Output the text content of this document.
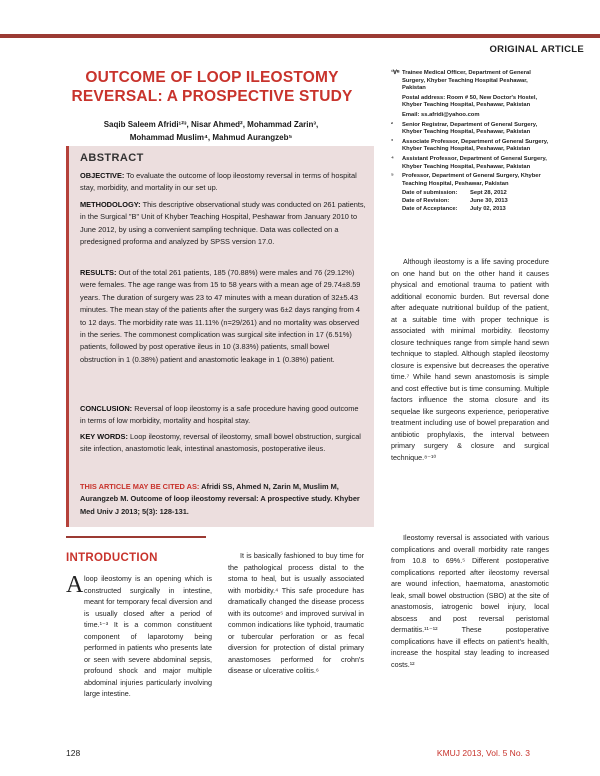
ORIGINAL ARTICLE
OUTCOME OF LOOP ILEOSTOMY
REVERSAL: A PROSPECTIVE STUDY
Saqib Saleem Afridi¹²³, Nisar Ahmed², Mohammad Zarin³,
Mohammad Muslim⁴, Mahmud Aurangzeb⁵
ABSTRACT
OBJECTIVE: To evaluate the outcome of loop ileostomy reversal in terms of hospital stay, morbidity, and mortality in our set up.
METHODOLOGY: This descriptive observational study was conducted on 261 patients, in the Surgical "B" Unit of Khyber Teaching Hospital, Peshawar from January 2010 to June 2012, by using a convenient sampling technique. Data was collected on a predesigned proforma and analyzed by SPSS version 17.0.
RESULTS: Out of the total 261 patients, 185 (70.88%) were males and 76 (29.12%) were females. The age range was from 15 to 58 years with a mean age of 29.74±8.59 years. The duration of surgery was 23 to 47 minutes with a mean duration of 32±5.43 minutes. The mean stay of the patients after the surgery was 6±2 days ranging from 4 to 12 days. The morbidity rate was 11.11% (n=29/261) and no mortality was observed in the series. The commonest complication was surgical site infection in 17 (6.51%) patients, followed by post operative ileus in 10 (3.83%) patients, small bowel obstruction in 1 (0.38%) patient and anastomotic leakage in 1 (0.38%) patient.
CONCLUSION: Reversal of loop ileostomy is a safe procedure having good outcome in terms of low morbidity, mortality and hospital stay.
KEY WORDS: Loop ileostomy, reversal of ileostomy, small bowel obstruction, surgical site infection, anastomotic leak, intestinal anastomosis, postoperative ileus.
THIS ARTICLE MAY BE CITED AS: Afridi SS, Ahmed N, Zarin M, Muslim M, Aurangzeb M. Outcome of loop ileostomy reversal: A prospective study. Khyber Med Univ J 2013; 5(3): 128-131.
¹Ɐᴮ Trainee Medical Officer, Department of General Surgery, Khyber Teaching Hospital Peshawar, Pakistan
Postal address: Room # 50, New Doctor's Hostel, Khyber Teaching Hospital, Peshawar, Pakistan
Email: ss.afridi@yahoo.com
²	Senior Registrar, Department of General Surgery, Khyber Teaching Hospital, Peshawar, Pakistan
³	Associate Professor, Department of General Surgery, Khyber Teaching Hospital, Peshawar, Pakistan
⁴	Assistant Professor, Department of General Surgery, Khyber Teaching Hospital, Peshawar, Pakistan
⁵	Professor, Department of General Surgery, Khyber Teaching Hospital, Peshawar, Pakistan
Date of submission:	Sept 28, 2012
Date of Revision:	June 30, 2013
Date of Acceptance:	July 02, 2013
Although ileostomy is a life saving procedure on one hand but on the other hand it causes physical and emotional trauma to patient with additional economic burden. But reversal done after adequate nutritional buildup of the patient, at a suitable time with proper technique is associated with minimal morbidity. Ileostomy closure techniques range from simple hand sewn technique to stapled. Although stapled ileostomy closure is expensive but decreases the operative time.⁷ While hand sewn anastomosis is simple and cost effective but is time consuming. Multiple factors influence the stoma closure and its sequelae like surgeons experience, perioperative treatment including use of bowel preparation and antibiotic prophylaxis, the interval between primary surgery & closure and surgical technique.⁸⁻¹⁰
Ileostomy reversal is associated with various complications and overall morbidity rate ranges from 10.8 to 69%.⁵ Different postoperative complications reported after ileostomy reversal are wound infection, haematoma, anastomotic leak, small bowel obstruction (SBO) at the site of anastomosis, iatrogenic bowel injury, local abscess and post reversal peristomal dermatitis.¹¹⁻¹² These postoperative complications have ill effects on patient's health, increase the hospital stay leading to increased costs.¹²
INTRODUCTION
A loop ileostomy is an opening which is constructed surgically in intestine, meant for temporary fecal diversion and is usually closed after a period of time.¹⁻³ It is a common constituent component of laparotomy being performed in patients who presents late or seen with severe abdominal sepsis, profound shock and major multiple abdominal injuries particularly involving large intestine.
It is basically fashioned to buy time for the pathological process distal to the stoma to heal, but is usually associated with morbidity.⁴ This safe procedure has dramatically changed the disease process with its outcome⁵ and improved survival in common indications like typhoid, traumatic or tubercular perforation or as fecal diversion for protection of distal primary anastomoses performed for crohn's disease or ulcerative colitis.⁶
128	KMUJ 2013, Vol. 5 No. 3
